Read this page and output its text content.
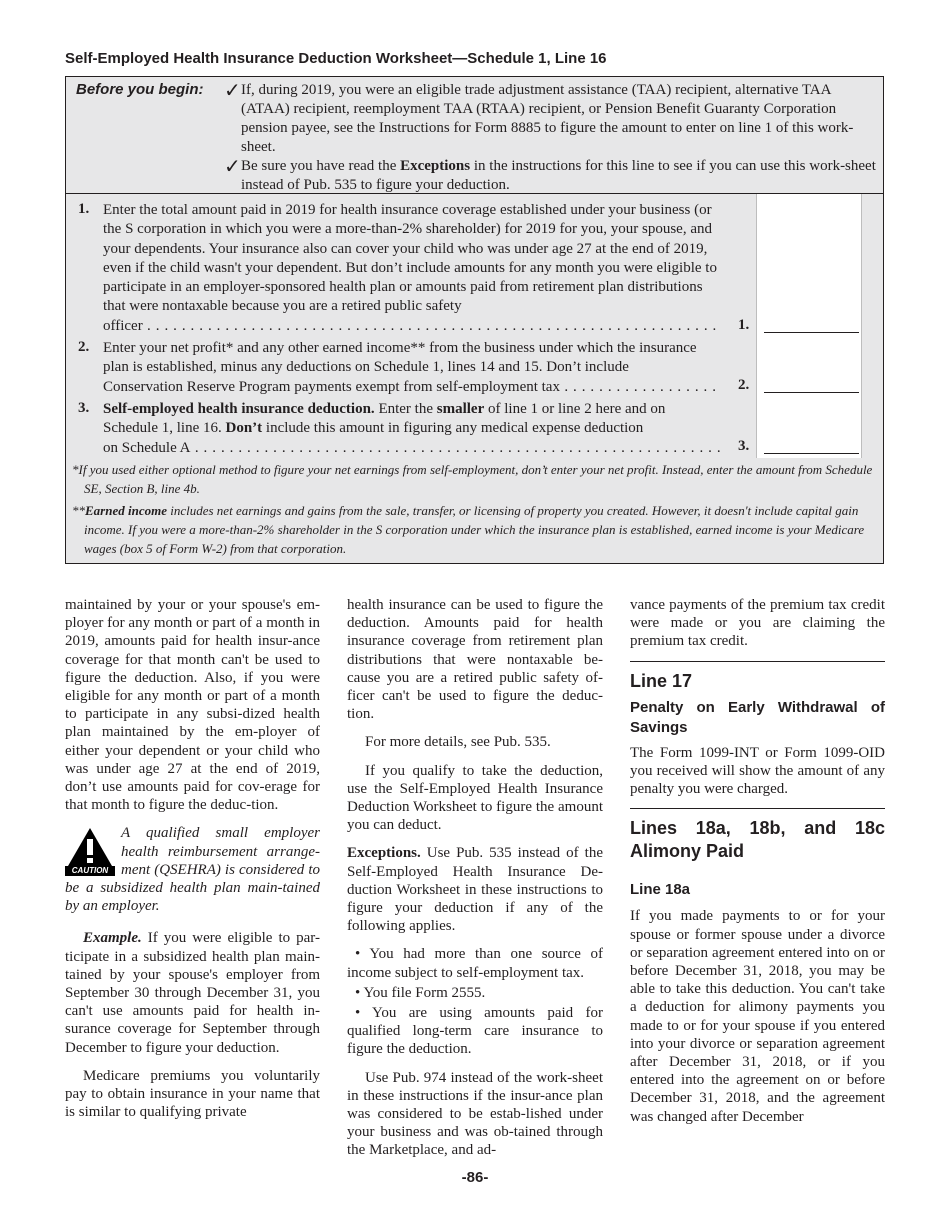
Self-Employed Health Insurance Deduction Worksheet—Schedule 1, Line 16
Before you begin: ✓ If, during 2019, you were an eligible trade adjustment assistance (TAA) recipient, alternative TAA (ATAA) recipient, reemployment TAA (RTAA) recipient, or Pension Benefit Guaranty Corporation pension payee, see the Instructions for Form 8885 to figure the amount to enter on line 1 of this work-sheet.
✓ Be sure you have read the Exceptions in the instructions for this line to see if you can use this work-sheet instead of Pub. 535 to figure your deduction.
1. Enter the total amount paid in 2019 for health insurance coverage established under your business (or the S corporation in which you were a more-than-2% shareholder) for 2019 for you, your spouse, and your dependents. Your insurance also can cover your child who was under age 27 at the end of 2019, even if the child wasn't your dependent. But don’t include amounts for any month you were eligible to participate in an employer-sponsored health plan or amounts paid from retirement plan distributions that were nontaxable because you are a retired public safety
officer . . .	1.
2. Enter your net profit* and any other earned income** from the business under which the insurance plan is established, minus any deductions on Schedule 1, lines 14 and 15. Don’t include
Conservation Reserve Program payments exempt from self-employment tax . . .	2.
3. Self-employed health insurance deduction. Enter the smaller of line 1 or line 2 here and on Schedule 1, line 16. Don’t include this amount in figuring any medical expense deduction
on Schedule A . . .	3.
*If you used either optional method to figure your net earnings from self-employment, don’t enter your net profit. Instead, enter the amount from Schedule SE, Section B, line 4b.
**Earned income includes net earnings and gains from the sale, transfer, or licensing of property you created. However, it doesn't include capital gain income. If you were a more-than-2% shareholder in the S corporation under which the insurance plan is established, earned income is your Medicare wages (box 5 of Form W-2) from that corporation.

maintained by your or your spouse's em-ployer for any month or part of a month in 2019, amounts paid for health insur-ance coverage for that month can't be used to figure the deduction. Also, if you were eligible for any month or part of a month to participate in any subsi-dized health plan maintained by the em-ployer of either your dependent or your child who was under age 27 at the end of 2019, don’t use amounts paid for cov-erage for that month to figure the deduc-tion.

CAUTION
A qualified small employer health reimbursement arrange-ment (QSEHRA) is considered to be a subsidized health plan main-tained by an employer.

Example. If you were eligible to par-ticipate in a subsidized health plan main-tained by your spouse's employer from September 30 through December 31, you can't use amounts paid for health in-surance coverage for September through December to figure your deduction.

Medicare premiums you voluntarily pay to obtain insurance in your name that is similar to qualifying private

health insurance can be used to figure the deduction. Amounts paid for health insurance coverage from retirement plan distributions that were nontaxable be-cause you are a retired public safety of-ficer can't be used to figure the deduc-tion.

For more details, see Pub. 535.

If you qualify to take the deduction, use the Self-Employed Health Insurance Deduction Worksheet to figure the amount you can deduct.

Exceptions. Use Pub. 535 instead of the Self-Employed Health Insurance De-duction Worksheet in these instructions to figure your deduction if any of the following applies.

• You had more than one source of income subject to self-employment tax.

• You file Form 2555.

• You are using amounts paid for qualified long-term care insurance to figure the deduction.

Use Pub. 974 instead of the work-sheet in these instructions if the insur-ance plan was considered to be estab-lished under your business and was ob-tained through the Marketplace, and ad-

vance payments of the premium tax credit were made or you are claiming the premium tax credit.

Line 17
Penalty on Early Withdrawal of Savings

The Form 1099-INT or Form 1099-OID you received will show the amount of any penalty you were charged.

Lines 18a, 18b, and 18c Alimony Paid
Line 18a

If you made payments to or for your spouse or former spouse under a divorce or separation agreement entered into on or before December 31, 2018, you may be able to take this deduction. You can't take a deduction for alimony payments you made to or for your spouse if you entered into your divorce or separation agreement after December 31, 2018, or if you entered into the agreement on or before December 31, 2018, and the agreement was changed after December

-86-
